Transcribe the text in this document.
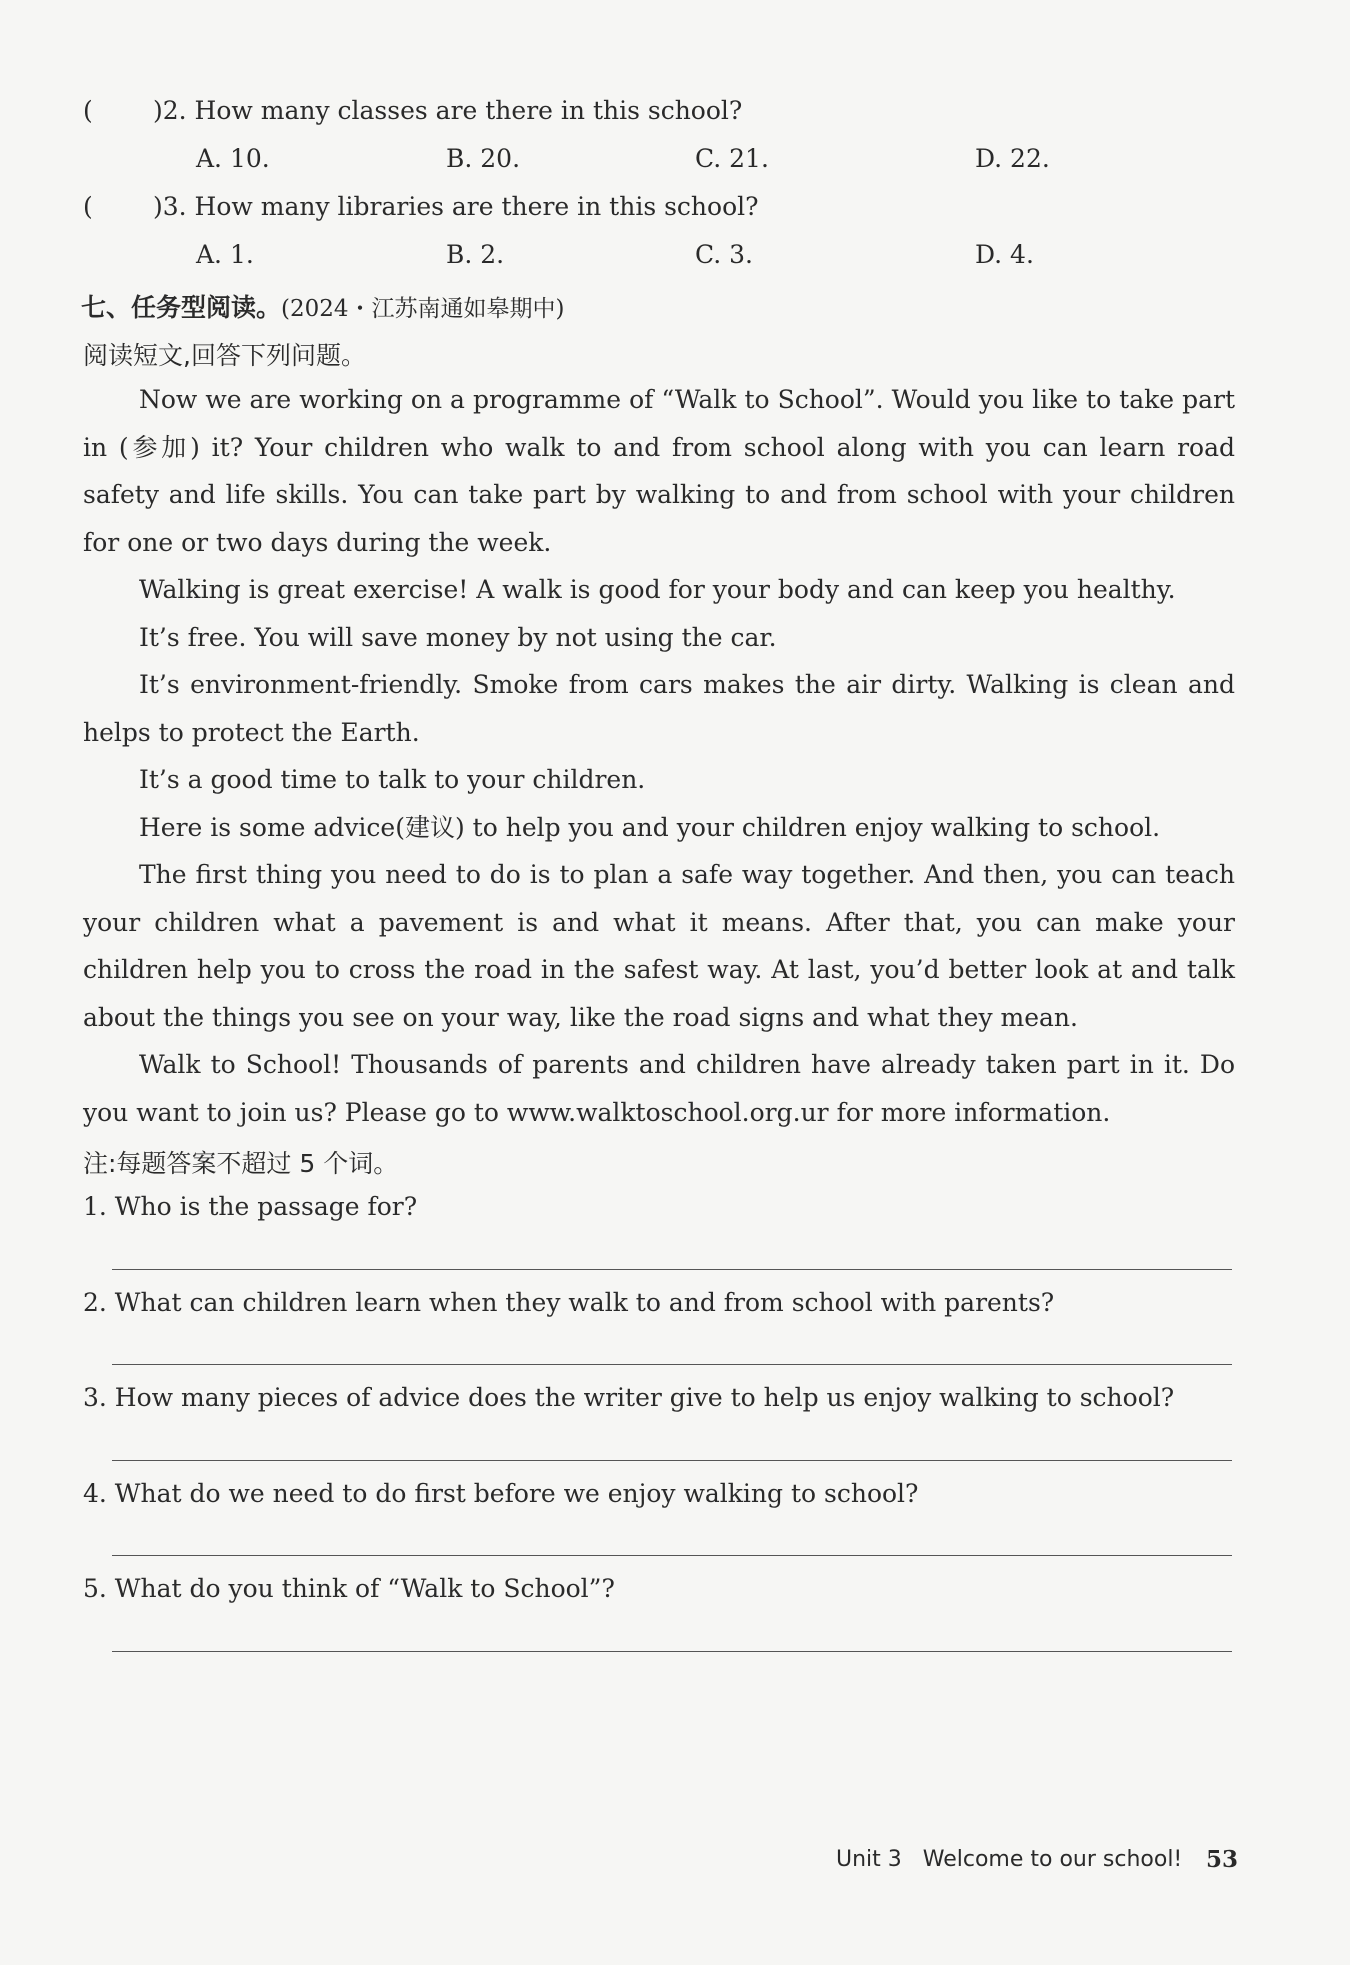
( )2. How many classes are there in this school?
A. 10.	B. 20.	C. 21.	D. 22.
( )3. How many libraries are there in this school?
A. 1.	B. 2.	C. 3.	D. 4.
七、任务型阅读。(2024・江苏南通如皋期中)
阅读短文,回答下列问题。

Now we are working on a programme of “Walk to School”. Would you like to take part in (参加) it? Your children who walk to and from school along with you can learn road safety and life skills. You can take part by walking to and from school with your children for one or two days during the week.

Walking is great exercise! A walk is good for your body and can keep you healthy.

It’s free. You will save money by not using the car.

It’s environment-friendly. Smoke from cars makes the air dirty. Walking is clean and helps to protect the Earth.

It’s a good time to talk to your children.

Here is some advice(建议) to help you and your children enjoy walking to school.

The first thing you need to do is to plan a safe way together. And then, you can teach your children what a pavement is and what it means. After that, you can make your children help you to cross the road in the safest way. At last, you’d better look at and talk about the things you see on your way, like the road signs and what they mean.

Walk to School! Thousands of parents and children have already taken part in it. Do you want to join us? Please go to www.walktoschool.org.ur for more information.

注:每题答案不超过 5 个词。
1. Who is the passage for?
2. What can children learn when they walk to and from school with parents?
3. How many pieces of advice does the writer give to help us enjoy walking to school?
4. What do we need to do first before we enjoy walking to school?
5. What do you think of “Walk to School”?
Unit 3   Welcome to our school! 53
